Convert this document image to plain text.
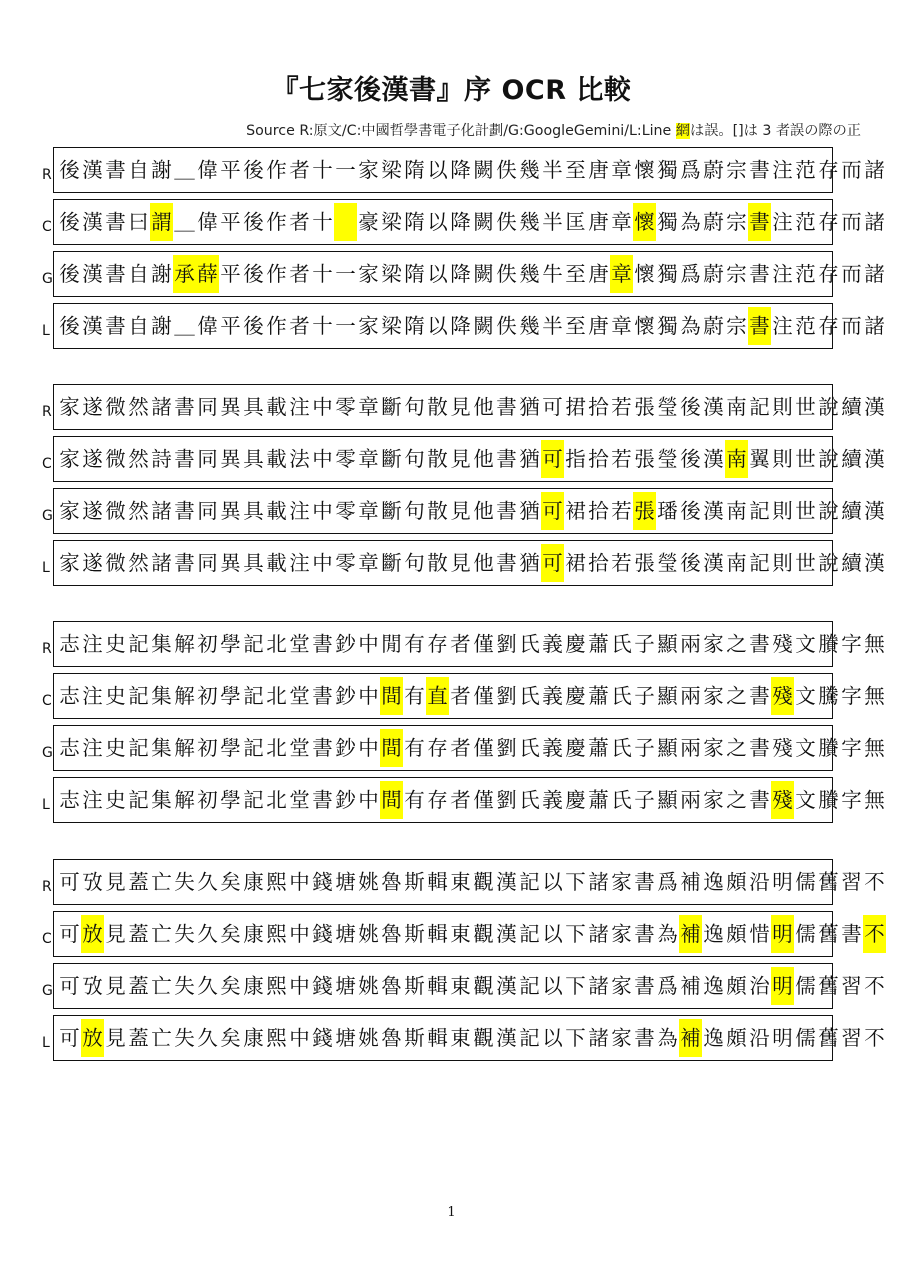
『七家後漢書』序 OCR 比較
Source R:原文/C:中國哲學書電子化計劃/G:GoogleGemini/L:Line 網は誤。[]は 3 者誤の際の正
R 後 漢 書 自 謝 ＿ 偉 平 後 作 者 十 一 家 梁 隋 以 降 闕 佚 幾 半 至 唐 章 懷 獨 爲 蔚 宗 書 注 范 存 而 諸
C 後 漢 書 曰 謂 ＿ 偉 平 後 作 者 十
　 豪 梁 隋 以 降 闕 佚 幾 半 匡 唐 章 懷 獨 為 蔚 宗 書 注 范 存 而 諸
G 後 漢 書 自 謝 承 薛 平 後 作 者 十 一 家 梁 隋 以 降 闕 佚 幾 牛 至 唐 章 懷 獨 爲 蔚 宗 書 注 范 存 而 諸
L 後 漢 書 自 謝 ＿ 偉 平 後 作 者 十 一 家 梁 隋 以 降 闕 佚 幾 半 至 唐 章 懷 獨 為 蔚 宗 書 注 范 存 而 諸
R 家 遂 微 然 諸 書 同 異 具 載 注 中 零 章 斷 句 散 見 他 書 猶 可 捃 拾 若 張 瑩 後 漢 南 記 則 世 說 續 漢
C 家 遂 微 然 詩 書 同 異 具 載 法 中 零 章 斷 句 散 見 他 書 猶 可 指 拾 若 張 瑩 後 漢 南 翼 則 世 說 續 漢
G 家 遂 微 然 諸 書 同 異 具 載 注 中 零 章 斷 句 散 見 他 書 猶 可 裙 拾 若 張 璠 後 漢 南 記 則 世 說 續 漢
L 家 遂 微 然 諸 書 同 異 具 載 注 中 零 章 斷 句 散 見 他 書 猶 可 裙 拾 若 張 瑩 後 漢 南 記 則 世 說 續 漢
R 志 注 史 記 集 解 初 學 記 北 堂 書 鈔 中 閒 有 存 者 僅 劉 氏 義 慶 蕭 氏 子 顯 兩 家 之 書 殘 文 賸 字 無
C 志 注 史 記 集 解 初 學 記 北 堂 書 鈔 中 間 有 直 者 僅 劉 氏 義 慶 蕭 氏 子 顯 兩 家 之 書 殘 文 騰 字 無
G 志 注 史 記 集 解 初 學 記 北 堂 書 鈔 中 間 有 存 者 僅 劉 氏 義 慶 蕭 氏 子 顯 兩 家 之 書 殘 文 賸 字 無
L 志 注 史 記 集 解 初 學 記 北 堂 書 鈔 中 間 有 存 者 僅 劉 氏 義 慶 蕭 氏 子 顯 兩 家 之 書 殘 文 賸 字 無
R 可 攷 見 蓋 亡 失 久 矣 康 熙 中 錢 塘 姚 魯 斯 輯 東 觀 漢 記 以 下 諸 家 書 爲 補 逸 頗 沿 明 儒 舊 習 不
C 可 放 見 蓋 亡 失 久 矣 康 熙 中 錢 塘 姚 魯 斯 輯 東 觀 漢 記 以 下 諸 家 書 為 補 逸 頗 惜 明 儒 舊 書 不
G 可 攷 見 蓋 亡 失 久 矣 康 熙 中 錢 塘 姚 魯 斯 輯 東 觀 漢 記 以 下 諸 家 書 爲 補 逸 頗 治 明 儒 舊 習 不
L 可 放 見 蓋 亡 失 久 矣 康 熙 中 錢 塘 姚 魯 斯 輯 東 觀 漢 記 以 下 諸 家 書 為 補 逸 頗 沿 明 儒 舊 習 不
1
